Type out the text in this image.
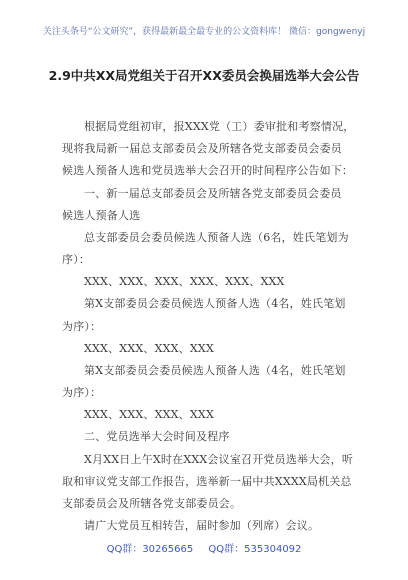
关注头条号“公文研究”，获得最新最全最专业的公文资料库！ 微信：gongwenyj
2.9中共XX局党组关于召开XX委员会换届选举大会公告
根据局党组初审，报XXX党（工）委审批和考察情况，
现将我局新一届总支部委员会及所辖各党支部委员会委员
候选人预备人选和党员选举大会召开的时间程序公告如下：
一、新一届总支部委员会及所辖各党支部委员会委员
候选人预备人选
总支部委员会委员候选人预备人选（6名，姓氏笔划为
序）：
XXX、XXX、XXX、XXX、XXX、XXX
第X支部委员会委员候选人预备人选（4名，姓氏笔划
为序）：
XXX、XXX、XXX、XXX
第X支部委员会委员候选人预备人选（4名，姓氏笔划
为序）：
XXX、XXX、XXX、XXX
二、党员选举大会时间及程序
X月XX日上午X时在XXX会议室召开党员选举大会，听
取和审议党支部工作报告，选举新一届中共XXXX局机关总
支部委员会及所辖各党支部委员会。
请广大党员互相转告，届时参加（列席）会议。
QQ群：30265665 QQ群：535304092
